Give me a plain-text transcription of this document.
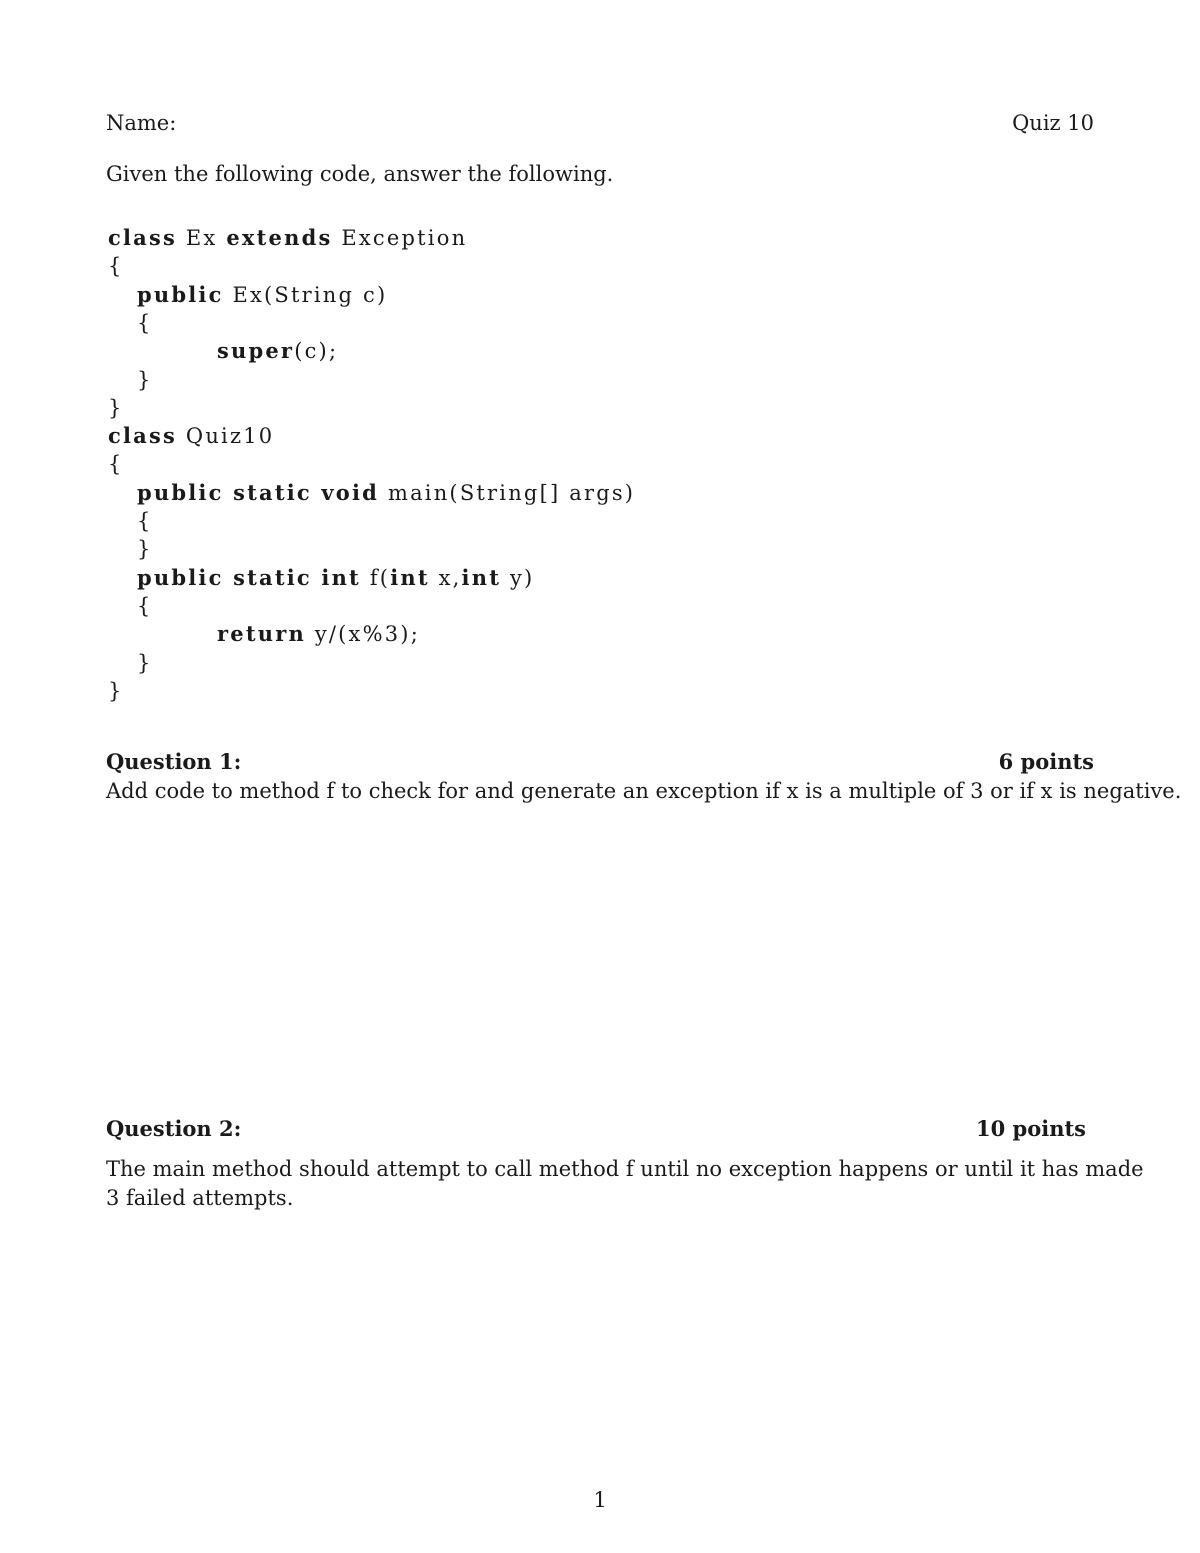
Name:	Quiz 10
Given the following code, answer the following.
class Ex extends Exception
{
public Ex(String c)
{
super(c);
}
}
class Quiz10
{
public static void main(String[] args)
{
}
public static int f(int x,int y)
{
return y/(x%3);
}
}
Question 1:	6 points
Add code to method f to check for and generate an exception if x is a multiple of 3 or if x is negative.
Question 2:	10 points
The main method should attempt to call method f until no exception happens or until it has made
3 failed attempts.
1
